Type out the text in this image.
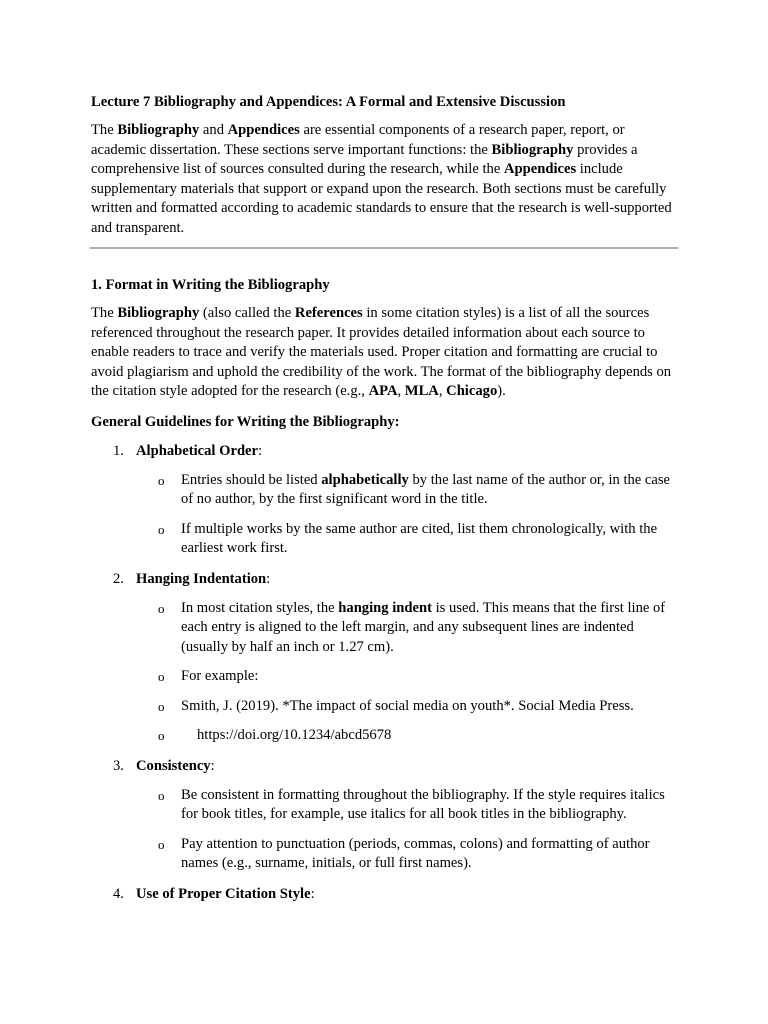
Lecture 7 Bibliography and Appendices: A Formal and Extensive Discussion

The Bibliography and Appendices are essential components of a research paper, report, or academic dissertation. These sections serve important functions: the Bibliography provides a comprehensive list of sources consulted during the research, while the Appendices include supplementary materials that support or expand upon the research. Both sections must be carefully written and formatted according to academic standards to ensure that the research is well-supported and transparent.

1. Format in Writing the Bibliography

The Bibliography (also called the References in some citation styles) is a list of all the sources referenced throughout the research paper. It provides detailed information about each source to enable readers to trace and verify the materials used. Proper citation and formatting are crucial to avoid plagiarism and uphold the credibility of the work. The format of the bibliography depends on the citation style adopted for the research (e.g., APA, MLA, Chicago).

General Guidelines for Writing the Bibliography:
1. Alphabetical Order:
o Entries should be listed alphabetically by the last name of the author or, in the case of no author, by the first significant word in the title.
o If multiple works by the same author are cited, list them chronologically, with the earliest work first.
2. Hanging Indentation:
o In most citation styles, the hanging indent is used. This means that the first line of each entry is aligned to the left margin, and any subsequent lines are indented (usually by half an inch or 1.27 cm).
o For example:
o Smith, J. (2019). *The impact of social media on youth*. Social Media Press.
o https://doi.org/10.1234/abcd5678
3. Consistency:
o Be consistent in formatting throughout the bibliography. If the style requires italics for book titles, for example, use italics for all book titles in the bibliography.
o Pay attention to punctuation (periods, commas, colons) and formatting of author names (e.g., surname, initials, or full first names).
4. Use of Proper Citation Style:
